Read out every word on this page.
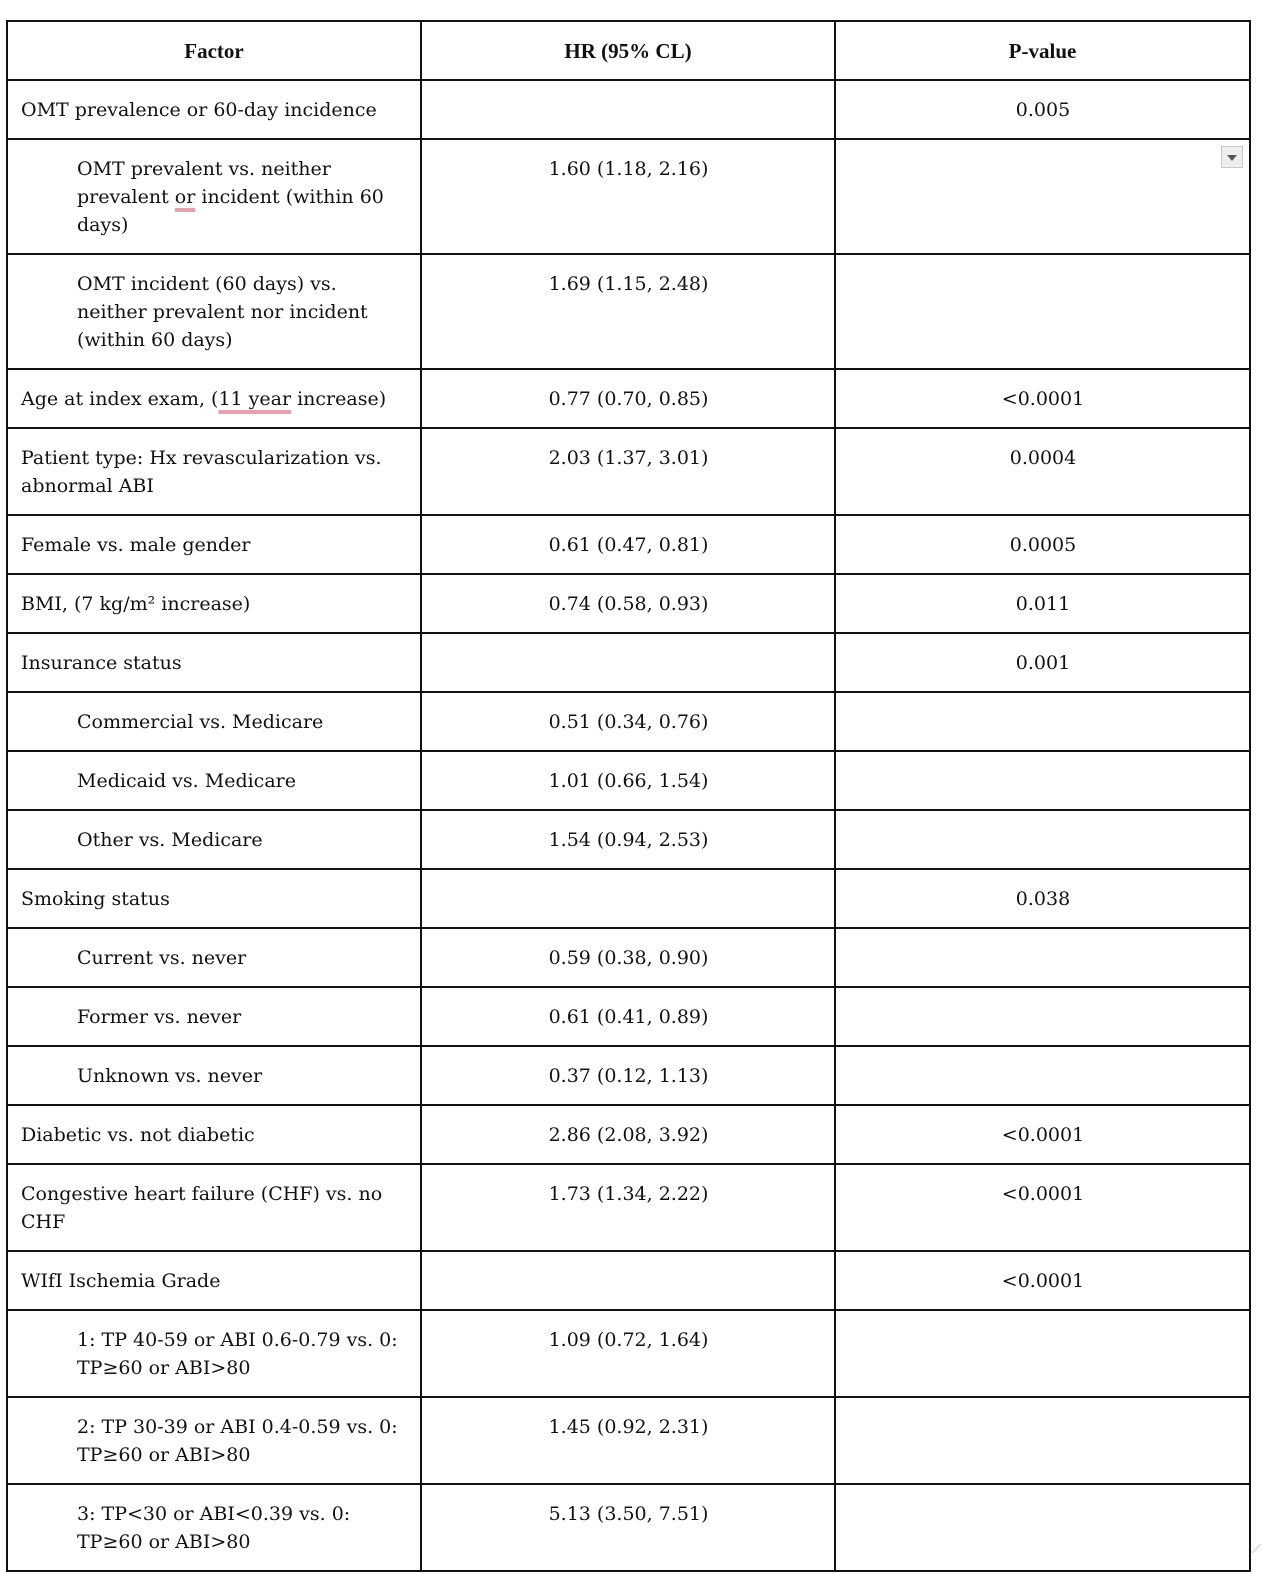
Factor	HR (95% CL)	P-value

OMT prevalence or 60-day incidence		0.005

OMT prevalent vs. neither prevalent or incident (within 60 days)	1.60 (1.18, 2.16)	

OMT incident (60 days) vs. neither prevalent nor incident (within 60 days)	1.69 (1.15, 2.48)	

Age at index exam, (11 year increase)	0.77 (0.70, 0.85)	<0.0001

Patient type: Hx revascularization vs. abnormal ABI	2.03 (1.37, 3.01)	0.0004

Female vs. male gender	0.61 (0.47, 0.81)	0.0005

BMI, (7 kg/m² increase)	0.74 (0.58, 0.93)	0.011

Insurance status		0.001

Commercial vs. Medicare	0.51 (0.34, 0.76)	

Medicaid vs. Medicare	1.01 (0.66, 1.54)	

Other vs. Medicare	1.54 (0.94, 2.53)	

Smoking status		0.038

Current vs. never	0.59 (0.38, 0.90)	

Former vs. never	0.61 (0.41, 0.89)	

Unknown vs. never	0.37 (0.12, 1.13)	

Diabetic vs. not diabetic	2.86 (2.08, 3.92)	<0.0001

Congestive heart failure (CHF) vs. no CHF	1.73 (1.34, 2.22)	<0.0001

WIfI Ischemia Grade		<0.0001

1: TP 40-59 or ABI 0.6-0.79 vs. 0: TP≥60 or ABI>80	1.09 (0.72, 1.64)	

2: TP 30-39 or ABI 0.4-0.59 vs. 0: TP≥60 or ABI>80	1.45 (0.92, 2.31)	

3: TP<30 or ABI<0.39 vs. 0: TP≥60 or ABI>80	5.13 (3.50, 7.51)	
